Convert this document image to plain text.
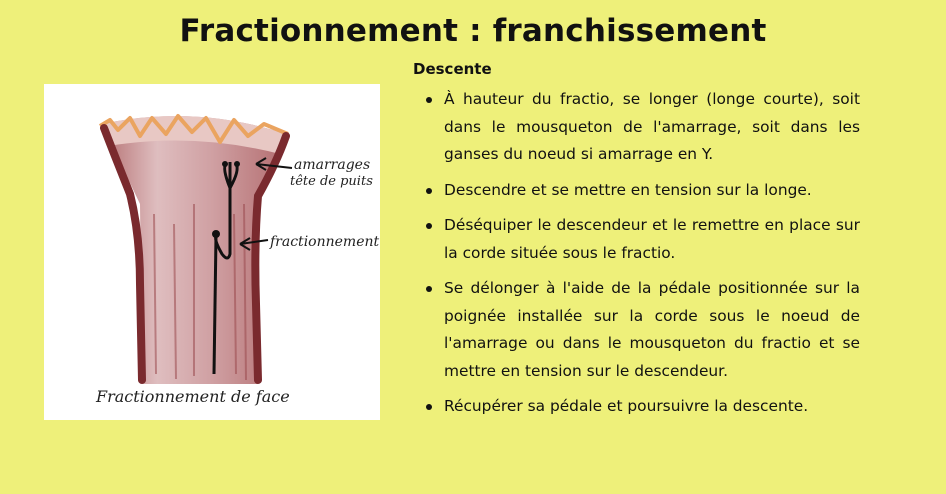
Fractionnement : franchissement
Descente
amarrages
tête de puits
fractionnement
Fractionnement de face
À hauteur du fractio, se longer (longe courte), soit dans le mousqueton de l'amarrage, soit dans les ganses du noeud si amarrage en Y.
Descendre et se mettre en tension sur la longe.
Déséquiper le descendeur et le remettre en place sur la corde située sous le fractio.
Se délonger à l'aide de la pédale positionnée sur la poignée installée sur la corde sous le noeud de l'amarrage ou dans le mousqueton du fractio et se mettre en tension sur le descendeur.
Récupérer sa pédale et poursuivre la descente.
